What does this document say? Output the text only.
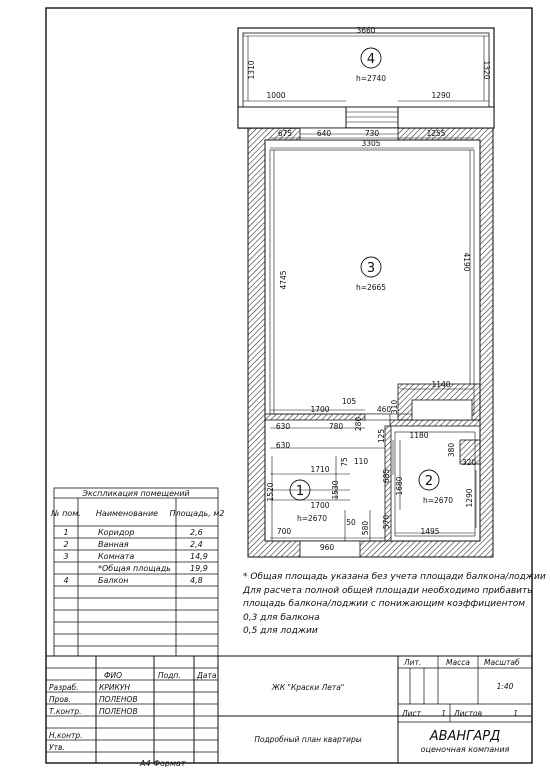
3660
1310	1320
1000	1290
675	640	730	1255
3305
4745
4190
1140
105
1700	460
310
630	780 280
1180
630
125
380
75 110	320
1710	685
1680
1520
1700
1530	1290
50	570
580
700
960
1495
4
h=2740
3
h=2665
1
h=2670
2
h=2670
Экспликация помещений
№ пом. Наименование Площадь, м2
1	Коридор	2,6
2	Ванная	2,4
3	Комната	14,9
*Общая площадь 19,9
4	Балкон	4,8
ФИО	Подп. Дата
Разраб.	КРИКУН
Пров.	ПОЛЕНОВ
Т.контр. ПОЛЕНОВ
Н.контр.
Утв.
ЖК "Краски Лета"
Подробный план квартиры
Лит.	Масса Масштаб
1:40
Лист	1 Листов	1
АВАНГАРД
оценочная компания
А4 Формат
* Общая площадь указана без учета площади балкона/лоджии
Для расчета полной общей площади необходимо прибавить
площадь балкона/лоджии с понижающим коэффициентом
0,3 для балкона
0,5 для лоджии
